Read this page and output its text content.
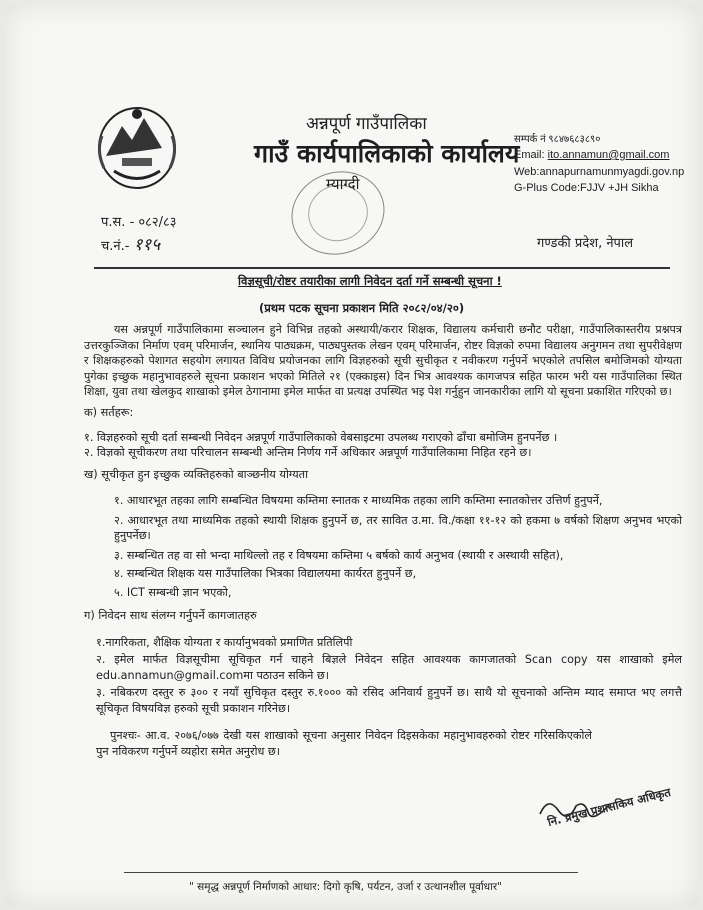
अन्नपूर्ण गाउँपालिका
गाउँ कार्यपालिकाको कार्यालय
म्याग्दी
सम्पर्क नं ९८४७६८३८९०
Email: ito.annamun@gmail.com
Web:annapurnamunmyagdi.gov.np
G-Plus Code:FJJV +JH Sikha
प.स. - ०८२/८३
च.नं.- ११५	गण्डकी प्रदेश, नेपाल
विज्ञसूची/रोष्टर तयारीका लागी निवेदन दर्ता गर्ने सम्बन्धी सूचना !
(प्रथम पटक सूचना प्रकाशन मिति २०८२/०४/२०)
यस अन्नपूर्ण गाउँपालिकामा सञ्चालन हुने विभिन्न तहको अस्थायी/करार शिक्षक, विद्यालय कर्मचारी छनौट परीक्षा, गाउँपालिकास्तरीय प्रश्नपत्र उत्तरकुञ्जिका निर्माण एवम् परिमार्जन, स्थानिय पाठ्यक्रम, पाठ्यपुस्तक लेखन एवम् परिमार्जन, रोष्टर विज्ञको रुपमा विद्यालय अनुगमन तथा सुपरीवेक्षण र शिक्षकहरुको पेशागत सहयोग लगायत विविध प्रयोजनका लागि विज्ञहरुको सूची सुचीकृत र नवीकरण गर्नुपर्ने भएकोले तपसिल बमोजिमको योग्यता पुगेका इच्छुक महानुभावहरुले सूचना प्रकाशन भएको मितिले २१ (एक्काइस) दिन भित्र आवश्यक कागजपत्र सहित फारम भरी यस गाउँपालिका स्थित शिक्षा, युवा तथा खेलकुद शाखाको इमेल ठेगानामा इमेल मार्फत वा प्रत्यक्ष उपस्थित भइ पेश गर्नुहुन जानकारीका लागि यो सूचना प्रकाशित गरिएको छ।
क) सर्तहरू:
१. विज्ञहरुको सूची दर्ता सम्बन्धी निवेदन अन्नपूर्ण गाउँपालिकाको वेबसाइटमा उपलब्ध गराएको ढाँचा बमोजिम हुनपर्नेछ ।
२. विज्ञको सूचीकरण तथा परिचालन सम्बन्धी अन्तिम निर्णय गर्ने अधिकार अन्नपूर्ण गाउँपालिकामा निहित रहने छ।
ख) सूचीकृत हुन इच्छुक व्यक्तिहरुको बाञ्छनीय योग्यता
१. आधारभूत तहका लागि सम्बन्धित विषयमा कम्तिमा स्नातक र माध्यमिक तहका लागि कम्तिमा स्नातकोत्तर उत्तिर्ण हुनुपर्ने,
२. आधारभूत तथा माध्यमिक तहको स्थायी शिक्षक हुनुपर्ने छ, तर सावित उ.मा. वि./कक्षा ११-१२ को हकमा ७ वर्षको शिक्षण अनुभव भएको हुनुपर्नेछ।
३. सम्बन्धित तह वा सो भन्दा माथिल्लो तह र विषयमा कम्तिमा ५ बर्षको कार्य अनुभव (स्थायी र अस्थायी सहित),
४. सम्बन्धित शिक्षक यस गाउँपालिका भित्रका विद्यालयमा कार्यरत हुनुपर्ने छ,
५. ICT सम्बन्धी ज्ञान भएको,
ग) निवेदन साथ संलग्न गर्नुपर्ने कागजातहरु
१.नागरिकता, शैक्षिक योग्यता र कार्यानुभवको प्रमाणित प्रतिलिपी
२. इमेल मार्फत विज्ञसूचीमा सूचिकृत गर्न चाहने बिज्ञले निवेदन सहित आवश्यक कागजातको Scan copy यस शाखाको इमेल edu.annamun@gmail.comमा पठाउन सकिने छ।
३. नबिकरण दस्तुर रु ३०० र नयाँ सुचिकृत दस्तुर रु.१००० को रसिद अनिवार्य हुनुपर्ने छ। साथै यो सूचनाको अन्तिम म्याद समाप्त भए लगत्तै सूचिकृत विषयविज्ञ हरुको सूची प्रकाशन गरिनेछ।
पुनश्चः- आ.व. २०७६/०७७ देखी यस शाखाको सूचना अनुसार निवेदन दिइसकेका महानुभावहरुको रोष्टर गरिसकिएकोले पुन नविकरण गर्नुपर्ने व्यहोरा समेत अनुरोध छ।
नि. प्रमुख प्रशासकिय अधिकृत
" समृद्ध अन्नपूर्ण निर्माणको आधार: दिगो कृषि, पर्यटन, उर्जा र उत्थानशील पूर्वाधार"
